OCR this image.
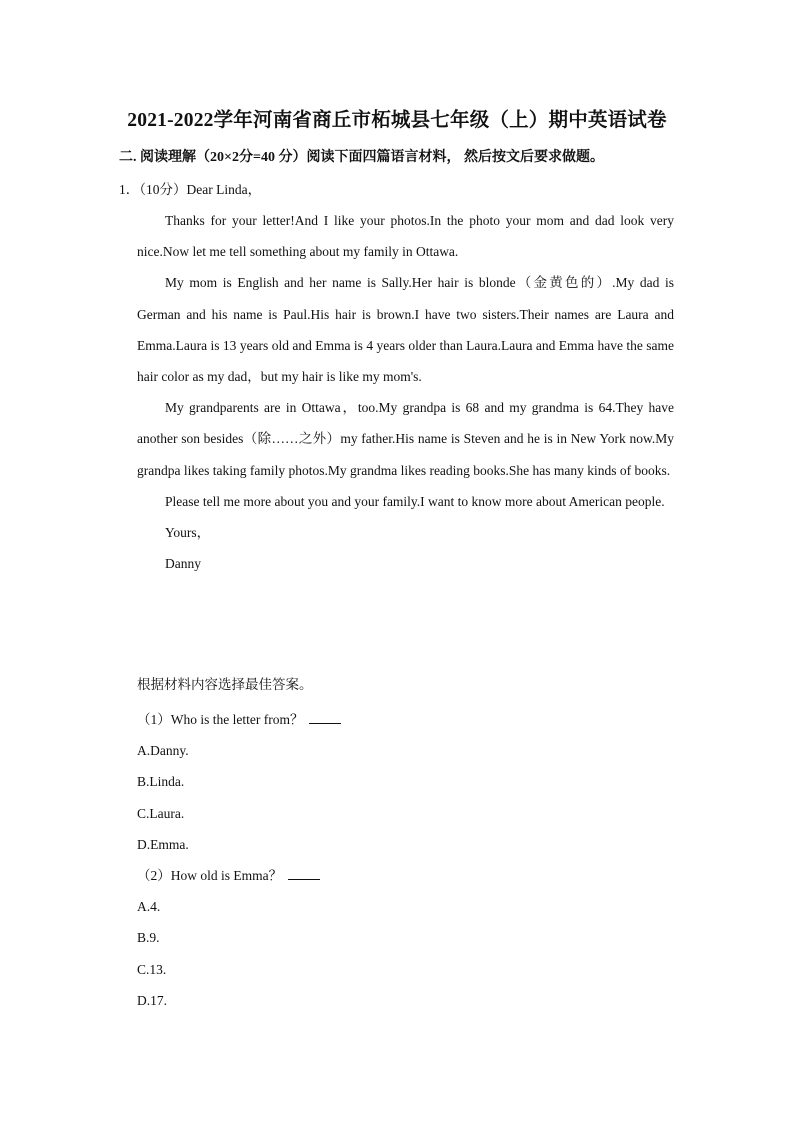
2021-2022学年河南省商丘市柘城县七年级（上）期中英语试卷
二. 阅读理解（20×2分=40 分）阅读下面四篇语言材料， 然后按文后要求做题。
1．（10分）Dear Linda，

Thanks for your letter!And I like your photos.In the photo your mom and dad look very nice.Now let me tell something about my family in Ottawa.

My mom is English and her name is Sally.Her hair is blonde（金黄色的）.My dad is German and his name is Paul.His hair is brown.I have two sisters.Their names are Laura and Emma.Laura is 13 years old and Emma is 4 years older than Laura.Laura and Emma have the same hair color as my dad，but my hair is like my mom's.

My grandparents are in Ottawa，too.My grandpa is 68 and my grandma is 64.They have another son besides（除……之外）my father.His name is Steven and he is in New York now.My grandpa likes taking family photos.My grandma likes reading books.She has many kinds of books.

Please tell me more about you and your family.I want to know more about American people.

Yours，

Danny

根据材料内容选择最佳答案。
（1）Who is the letter from？
A.Danny.
B.Linda.
C.Laura.
D.Emma.
（2）How old is Emma？
A.4.
B.9.
C.13.
D.17.
